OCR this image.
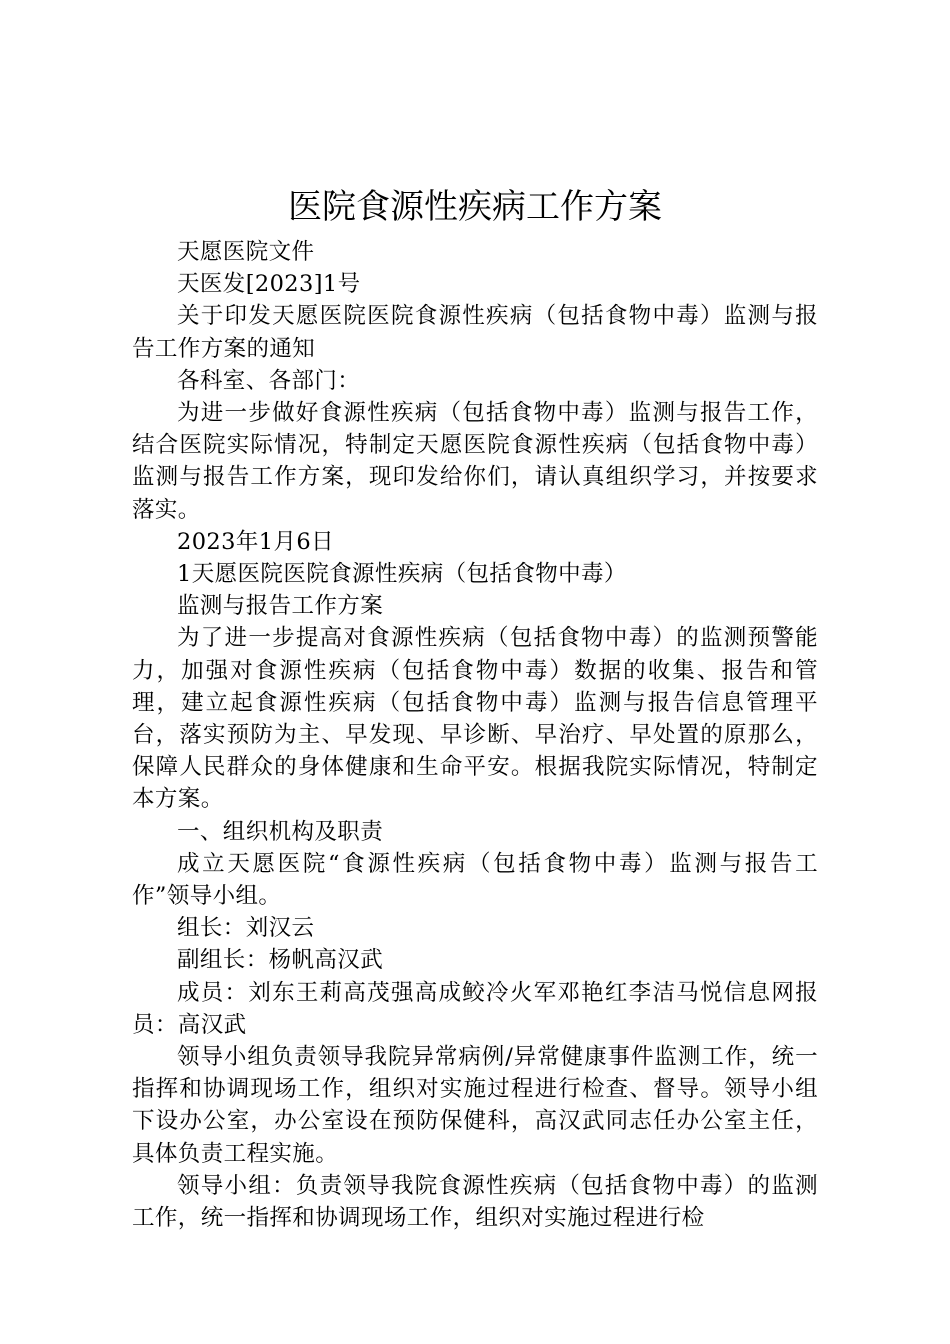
医院食源性疾病工作方案

天愿医院文件

天医发[2023]1号

关于印发天愿医院医院食源性疾病（包括食物中毒）监测与报告工作方案的通知

各科室、各部门：

为进一步做好食源性疾病（包括食物中毒）监测与报告工作，结合医院实际情况，特制定天愿医院食源性疾病（包括食物中毒）监测与报告工作方案，现印发给你们，请认真组织学习，并按要求落实。

2023年1月6日

1天愿医院医院食源性疾病（包括食物中毒）

监测与报告工作方案

为了进一步提高对食源性疾病（包括食物中毒）的监测预警能力，加强对食源性疾病（包括食物中毒）数据的收集、报告和管理，建立起食源性疾病（包括食物中毒）监测与报告信息管理平台，落实预防为主、早发现、早诊断、早治疗、早处置的原那么，保障人民群众的身体健康和生命平安。根据我院实际情况，特制定本方案。

一、组织机构及职责

成立天愿医院“食源性疾病（包括食物中毒）监测与报告工作”领导小组。

组长：刘汉云

副组长：杨帆高汉武

成员：刘东王莉高茂强高成鲛冷火军邓艳红李洁马悦信息网报员：高汉武

领导小组负责领导我院异常病例/异常健康事件监测工作，统一指挥和协调现场工作，组织对实施过程进行检查、督导。领导小组下设办公室，办公室设在预防保健科，高汉武同志任办公室主任，具体负责工程实施。

领导小组：负责领导我院食源性疾病（包括食物中毒）的监测工作，统一指挥和协调现场工作，组织对实施过程进行检
